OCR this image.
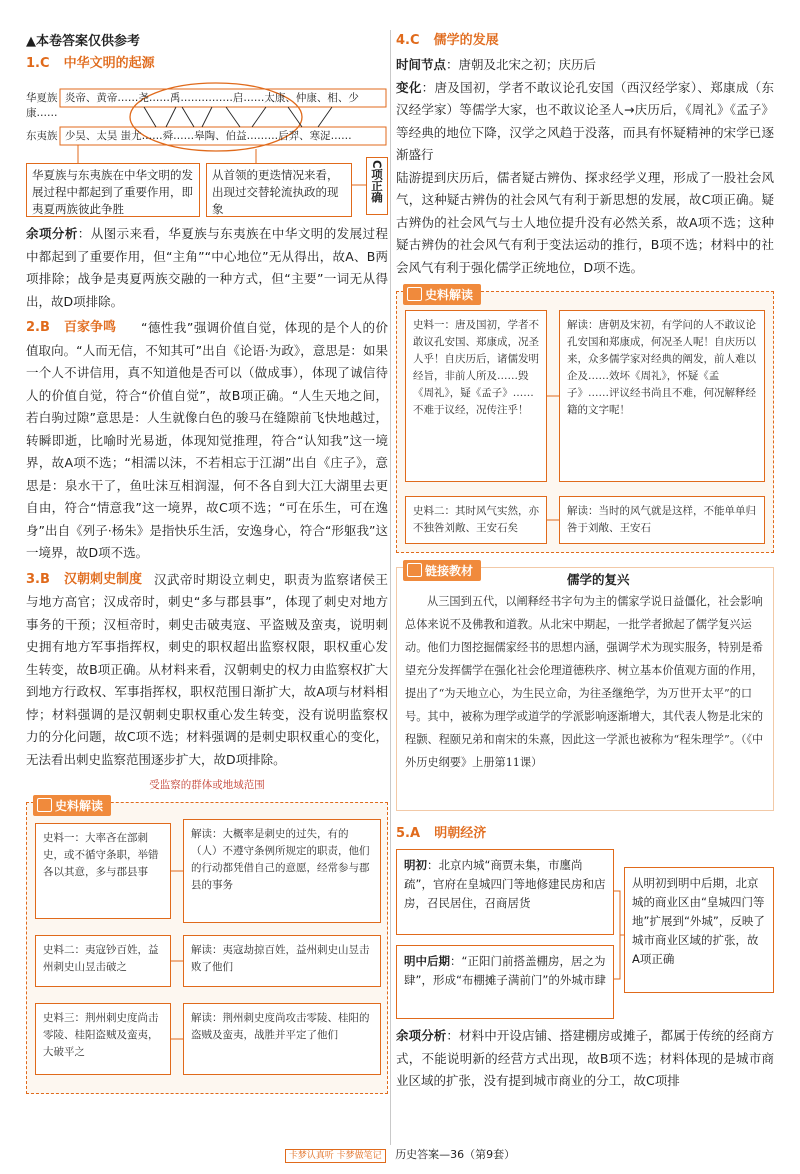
▲本卷答案仅供参考
1.C 中华文明的起源
华夏族 炎帝、黄帝……尧……禹……………启……太康、仲康、相、少康……
东夷族 少昊、太昊 蚩尤……舜……皋陶、伯益………后羿、寒浞……
华夏族与东夷族在中华文明的发展过程中都起到了重要作用，即夷夏两族彼此争胜
从首领的更迭情况来看，出现过交替轮流执政的现象
C项正确

余项分析：从图示来看，华夏族与东夷族在中华文明的发展过程中都起到了重要作用，但“主角”“中心地位”无从得出，故A、B两项排除；战争是夷夏两族交融的一种方式，但“主要”一词无从得出，故D项排除。

2.B 百家争鸣	“德性我”强调价值自觉，体现的是个人的价值取向。“人而无信，不知其可”出自《论语·为政》，意思是：如果一个人不讲信用，真不知道他是否可以（做成事），体现了诚信待人的价值自觉，符合“价值自觉”，故B项正确。“人生天地之间，若白驹过隙”意思是：人生就像白色的骏马在缝隙前飞快地越过，转瞬即逝，比喻时光易逝，体现知觉推理，符合“认知我”这一境界，故A项不选；“相濡以沫，不若相忘于江湖”出自《庄子》，意思是：泉水干了，鱼吐沫互相润湿，何不各自到大江大湖里去更自由，符合“情意我”这一境界，故C项不选；“可在乐生，可在逸身”出自《列子·杨朱》是指快乐生活，安逸身心，符合“形躯我”这一境界，故D项不选。

3.B 汉朝刺史制度 汉武帝时期设立刺史，职责为监察诸侯王与地方高官；汉成帝时，刺史“多与郡县事”，体现了刺史对地方事务的干预；汉桓帝时，刺史击破夷寇、平盗贼及蛮夷，说明刺史拥有地方军事指挥权，刺史的职权超出监察权限，职权重心发生转变，故B项正确。从材料来看，汉朝刺史的权力由监察权扩大到地方行政权、军事指挥权，职权范围日渐扩大，故A项与材料相悖；材料强调的是汉朝刺史职权重心发生转变，没有说明监察权力的分化问题，故C项不选；材料强调的是刺史职权重心的变化，无法看出刺史监察范围逐步扩大，故D项排除。

受监察的群体或地域范围
史料解读
史料一：大率吝在部刺史，或不循守条职，举错各以其意，多与郡县事
解读：大概率是刺史的过失，有的（人）不遵守条例所规定的职责，他们的行动都凭借自己的意愿，经常参与郡县的事务
史料二：夷寇钞百姓，益州刺史山昱击破之
解读：夷寇劫掠百姓，益州刺史山昱击败了他们
史料三：荆州刺史度尚击零陵、桂阳盗贼及蛮夷，大破平之
解读：荆州刺史度尚攻击零陵、桂阳的盗贼及蛮夷，战胜并平定了他们
4.C 儒学的发展

时间节点：唐朝及北宋之初；庆历后

变化：唐及国初，学者不敢议论孔安国（西汉经学家）、郑康成（东汉经学家）等儒学大家，也不敢议论圣人→庆历后，《周礼》《孟子》等经典的地位下降，汉学之风趋于没落，而具有怀疑精神的宋学已逐渐盛行

陆游提到庆历后，儒者疑古辨伪、探求经学义理，形成了一股社会风气，这种疑古辨伪的社会风气有利于新思想的发展，故C项正确。疑古辨伪的社会风气与士人地位提升没有必然关系，故A项不选；这种疑古辨伪的社会风气有利于变法运动的推行，B项不选；材料中的社会风气有利于强化儒学正统地位，D项不选。

史料解读
史料一：唐及国初，学者不敢议孔安国、郑康成，况圣人乎！自庆历后，诸儒发明经旨，非前人所及……毁《周礼》，疑《孟子》……不难于议经，况传注乎！
解读：唐朝及宋初，有学问的人不敢议论孔安国和郑康成，何况圣人呢！自庆历以来，众多儒学家对经典的阐发，前人难以企及……效坏《周礼》，怀疑《孟子》……评议经书尚且不难，何况解释经籍的文字呢！
史料二：其时风气实然，亦不独咎刘敞、王安石矣
解读：当时的风气就是这样，不能单单归咎于刘敞、王安石
链接教材
儒学的复兴
从三国到五代，以阐释经书字句为主的儒家学说日益僵化，社会影响总体来说不及佛教和道教。从北宋中期起，一批学者掀起了儒学复兴运动。他们力图挖掘儒家经书的思想内涵，强调学术为现实服务，特别是希望充分发挥儒学在强化社会伦理道德秩序、树立基本价值观方面的作用，提出了“为天地立心，为生民立命，为往圣继绝学，为万世开太平”的口号。其中，被称为理学或道学的学派影响逐渐增大，其代表人物是北宋的程颢、程颐兄弟和南宋的朱熹，因此这一学派也被称为“程朱理学”。（《中外历史纲要》上册第11课）
5.A 明朝经济
明初：北京内城“商贾未集，市廛尚疏”，官府在皇城四门等地修建民房和店房，召民居住，召商居货
明中后期：“正阳门前搭盖棚房，居之为肆”，形成“布棚摊子满前门”的外城市肆
从明初到明中后期，北京城的商业区由“皇城四门等地”扩展到“外城”，反映了城市商业区域的扩张，故A项正确

余项分析：材料中开设店铺、搭建棚房或摊子，都属于传统的经商方式，不能说明新的经营方式出现，故B项不选；材料体现的是城市商业区域的扩张，没有提到城市商业的分工，故C项排

卡梦认真听 卡梦做笔记 历史答案—36（第9套）
